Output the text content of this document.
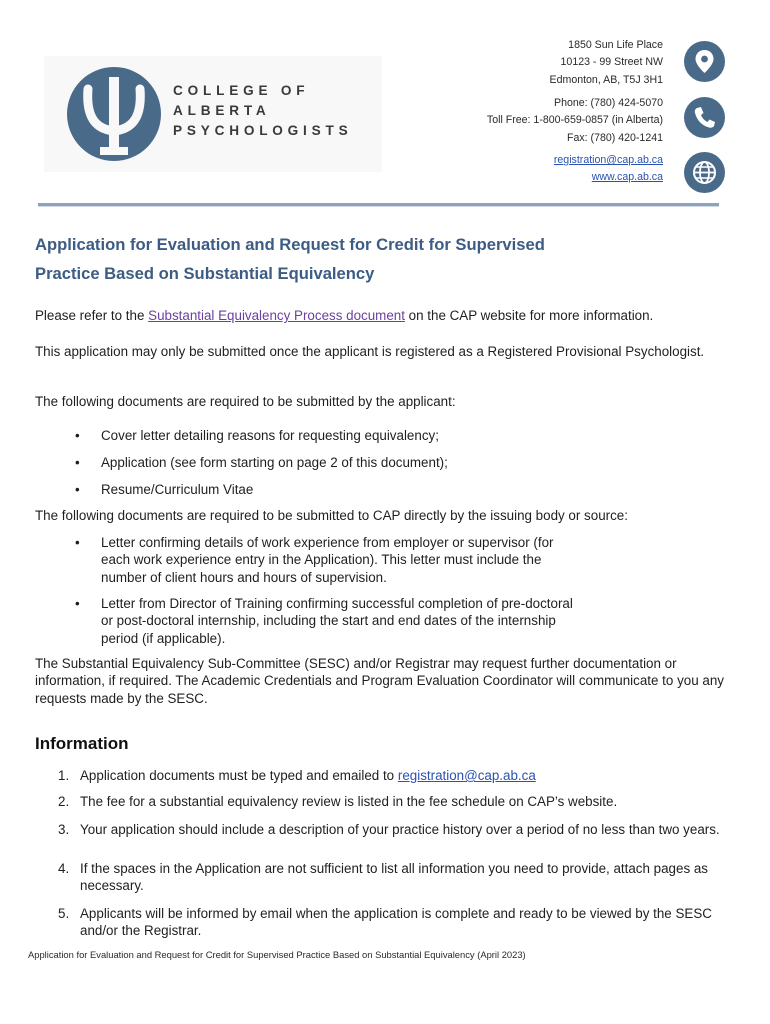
COLLEGE OF
ALBERTA
PSYCHOLOGISTS
1850 Sun Life Place
10123 - 99 Street NW
Edmonton, AB, T5J 3H1
Phone: (780) 424-5070
Toll Free: 1-800-659-0857 (in Alberta)
Fax: (780) 420-1241
registration@cap.ab.ca
www.cap.ab.ca
Application for Evaluation and Request for Credit for Supervised
Practice Based on Substantial Equivalency
Please refer to the Substantial Equivalency Process document on the CAP website for more information.
This application may only be submitted once the applicant is registered as a Registered Provisional Psychologist.
The following documents are required to be submitted by the applicant:
• Cover letter detailing reasons for requesting equivalency;
• Application (see form starting on page 2 of this document);
• Resume/Curriculum Vitae
The following documents are required to be submitted to CAP directly by the issuing body or source:
• Letter confirming details of work experience from employer or supervisor (for each work experience entry in the Application). This letter must include the number of client hours and hours of supervision.
• Letter from Director of Training confirming successful completion of pre-doctoral or post-doctoral internship, including the start and end dates of the internship period (if applicable).
The Substantial Equivalency Sub-Committee (SESC) and/or Registrar may request further documentation or information, if required. The Academic Credentials and Program Evaluation Coordinator will communicate to you any requests made by the SESC.
Information
1. Application documents must be typed and emailed to registration@cap.ab.ca
2. The fee for a substantial equivalency review is listed in the fee schedule on CAP’s website.
3. Your application should include a description of your practice history over a period of no less than two years.
4. If the spaces in the Application are not sufficient to list all information you need to provide, attach pages as necessary.
5. Applicants will be informed by email when the application is complete and ready to be viewed by the SESC and/or the Registrar.
Application for Evaluation and Request for Credit for Supervised Practice Based on Substantial Equivalency (April 2023)
